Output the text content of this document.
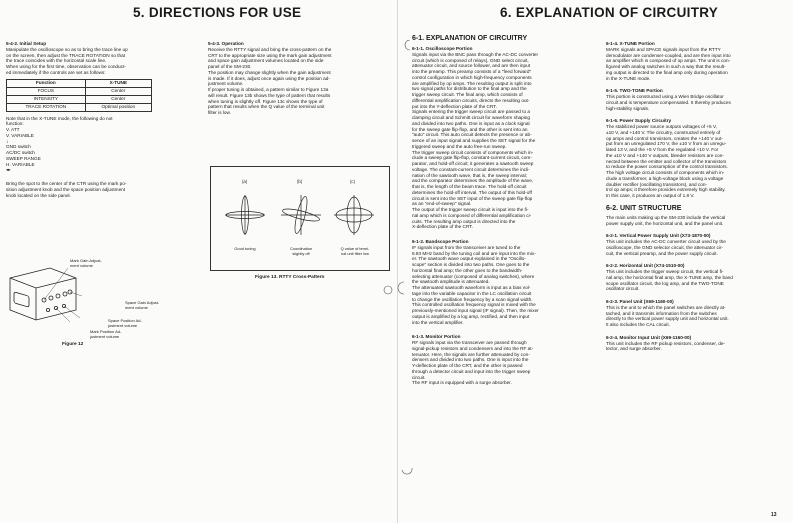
5. DIRECTIONS FOR USE	6. EXPLANATION OF CIRCUITRY
5-4-2. Initial Setup
Manipulate the oscilloscope so as to bring the trace line up
on the screen, then adjust the TRACE ROTATION so that
the trace coincides with the horizontal scale line.
When using for the first time, observation can be conduct-
ed immediately if the controls are set as follows:
Function	X-TUNE
FOCUS	Center
INTENSITY	Center
TRACE ROTATION	Optimal position
Note that in the X-TUNE mode, the following do not
function:
V. ATT
V. VARIABLE
↕
GND switch
AC/DC switch
SWEEP RANGE
H. VARIABLE
◂▸
Bring the spot to the center of the CTR using the mark po-
sition adjustment knob and the space position adjustment
knob located on the side panel.
Mark Gain Adjust-
ment volume
Space Gain Adjust-
ment volume
Space Position Ad-
justment volume
Mark Position Ad-
justment volume
Figure 12
5-4-3. Operation
Receive the RTTY signal and bring the cross-pattern on the
CRT to the appropriate size using the mark gain adjustment
and space gain adjustment volumes located on the side
panel of the SM-230.
The position may change slightly when the gain adjustment
is made. If it does, adjust once again using the position ad-
justment volume.
If proper tuning is obtained, a pattern similar to Figure 13a
will result. Figure 13b shows the type of pattern that results
when tuning is slightly off. Figure 13c shows the type of
pattern that results when the Q value of the terminal unit
filter is low.
(a)	(b)	(c)
Good tuning	Coordination
slightly off
Q value of termi-
nal unit filter low
Figure 13. RTTY Cross-Pattern
6-1. EXPLANATION OF CIRCUITRY
6-1-1. Oscilloscope Portion
Signals input via the BNC pass through the AC-DC converter
circuit (which is composed of relays), GND select circuit,
attenuator circuit, and source follower, and are then input
into the preamp. This preamp consists of a "feed forward"
control configuration in which high-frequency components
are amplified by op amps. The resulting output is split into
two signal paths for distribution to the final amp and the
trigger sweep circuit. The final amp, which consists of
differential amplification circuits, directs the resulting out-
put into the Y-deflection plate of the CRT.
Signals entering the trigger sweep circuit are passed to a
clamping circuit and Schmitt circuit for waveform shaping
and divided into two paths. One is input as a clock signal
for the sweep gate flip-flop, and the other is sent into an
"auto" circuit. This auto circuit detects the presence or ab-
sence of an input signal and supplies the SET signal for the
triggered sweep and the auto free-run sweep.
The trigger sweep circuit consists of components which in-
clude a sweep gate flip-flop, constant-current circuit, com-
parator, and hold-off circuit; it generates a sawtooth sweep
voltage. The constant-current circuit determines the incli-
nation of the sawtooth wave, that is, the sweep interval;
and the comparator determines the amplitude of the wave,
that is, the length of the beam trace. The hold-off circuit
determines the hold-off interval. The output of this hold-off
circuit is sent into the SET input of the sweep gate flip-flop
as an "end-of-sweep" signal.
The output of the trigger sweep circuit is input into the fi-
nal amp which is composed of differential amplification ci-
cuits. The resulting amp output is directed into the
X-deflection plate of the CRT.
6-1-2. Bandscope Portion
IF signals input from the transceiver are tuned to the
8.83 MHz band by the tuning coil and are input into the mix-
er. The sawtooth wave output explained in the "Oscillo-
scope" section is divided into two paths. One goes to the
horizontal final amp; the other goes to the bandwidth-
selecting attenuator (composed of analog switches), where
the sawtooth amplitude is attenuated.
The attenuated sawtooth waveform is input as a bias vol-
tage into the variable capacitor in the LC oscillation circuit
to change the oscillation frequency by a scan signal width.
This controlled oscillation frequency signal is mixed with the
previously-mentioned input signal (IF signal). Then, the mixer
output is amplified by a log amp, rectified, and then input
into the vertical amplifier.
6-1-3. Monitor Portion
RF signals input via the transceiver are passed through
signal-pickup resistors and condensers and into the RF at-
tenuator. Here, the signals are further attenuated by con-
densers and divided into two paths. One is input into the
Y-deflection plate of the CRT, and the other is passed
through a detector circuit and input into the trigger sweep
circuit.
The RF input is equipped with a surge absorber.
6-1-4. X-TUNE Portion
MARK signals and SPACE signals input from the RTTY
demodulator are condenser-coupled, and are then input into
an amplifier which is composed of op amps. The unit is con-
figured with analog switches in such a way that the result-
ing output is directed to the final amp only during operation
in the X-TUNE mode.
6-1-5. TWO-TONE Portion
This portion is constructed using a Wien Bridge oscillator
circuit and is temperature compensated. It thereby produces
high-stability signals.
6-1-6. Power Supply Circuitry
The stabilized power source outputs voltages of +5 V,
±10 V, and +140 V. The circuitry, constructed entirely of
op amps and control transistors, creates the +140 V out-
put from an unregulated 170 V, the ±10 V from an unregu-
lated 13 V, and the +5 V from the regulated +10 V. For
the ±10 V and +140 V outputs, bleeder resistors are con-
nected between the emitter and collector of the transistors
to reduce the power consumption of the control transistors.
The high voltage circuit consists of components which in-
clude a transformer, a high-voltage block using a voltage
doubler rectifier (oscillating transistors), and con-
trol op amps; it therefore provides extremely high stability.
In this case, it produces an output of 1.8 V.
6-2. UNIT STRUCTURE
The main units making up the SM-230 include the vertical
power supply unit, the horizontal unit, and the panel unit.
6-2-1. Vertical Power Supply Unit (X73-1870-00)
This unit includes the AC-DC converter circuit used by the
oscilloscope, the GND selector circuit, the attenuator cir-
cuit, the vertical preamp, and the power supply circuit.
6-2-2. Horizontal Unit (X74-1510-00)
This unit includes the trigger sweep circuit, the vertical fi-
nal amp, the horizontal final amp, the X-TUNE amp, the band
scope oscillator circuit, the log amp, and the TWO-TONE
oscillator circuit.
6-2-3. Panel Unit (X69-1160-00)
This is the unit to which the panel switches are directly at-
tached, and it transmits information from the switches
directly to the vertical power supply unit and horizontal unit.
It also includes the CAL circuit.
6-2-4. Monitor Input Unit (X69-1160-00)
This unit includes the RF pickup resistors, condenser, de-
tector, and surge absorber.
13
